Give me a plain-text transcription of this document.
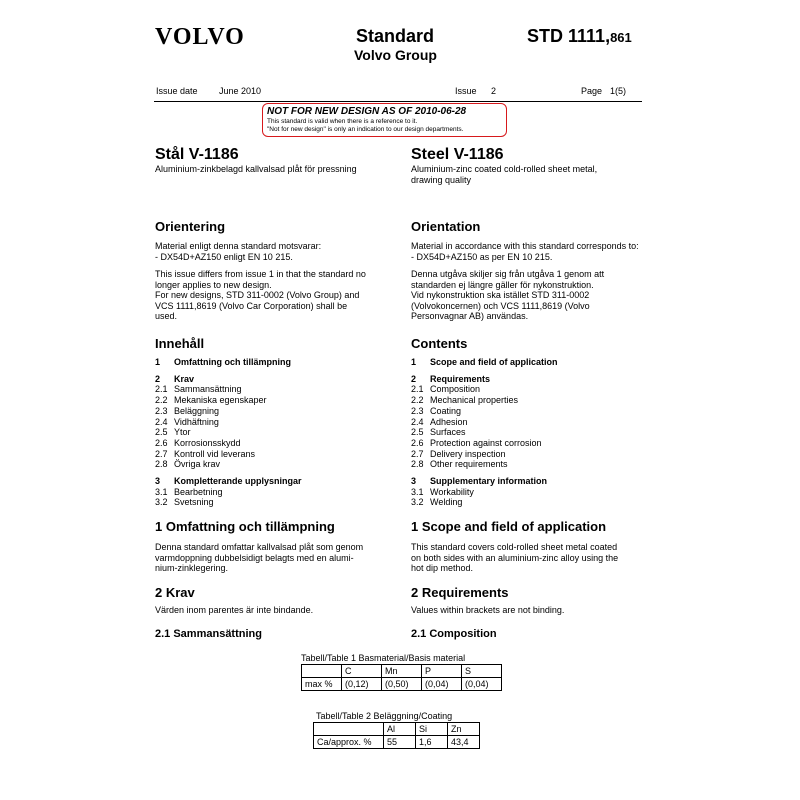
VOLVO	Standard
Volvo Group
STD 1111,861
Issue date June 2010	Issue 2	Page 1(5)
NOT FOR NEW DESIGN AS OF 2010-06-28
This standard is valid when there is a reference to it.
"Not for new design" is only an indication to our design departments.
Stål V-1186
Aluminium-zinkbelagd kallvalsad plåt för pressning
Orientering
Material enligt denna standard motsvarar:
- DX54D+AZ150 enligt EN 10 215.
This issue differs from issue 1 in that the standard no
longer applies to new design.
For new designs, STD 311-0002 (Volvo Group) and
VCS 1111,8619 (Volvo Car Corporation) shall be
used.
Innehåll
1 Omfattning och tillämpning
2 Krav
2.1 Sammansättning
2.2 Mekaniska egenskaper
2.3 Beläggning
2.4 Vidhäftning
2.5 Ytor
2.6 Korrosionsskydd
2.7 Kontroll vid leverans
2.8 Övriga krav
3 Kompletterande upplysningar
3.1 Bearbetning
3.2 Svetsning
1 Omfattning och tillämpning
Denna standard omfattar kallvalsad plåt som genom
varmdoppning dubbelsidigt belagts med en alumi-
nium-zinklegering.
2 Krav
Värden inom parentes är inte bindande.
2.1 Sammansättning
Steel V-1186
Aluminium-zinc coated cold-rolled sheet metal,
drawing quality
Orientation
Material in accordance with this standard corresponds to:
- DX54D+AZ150 as per EN 10 215.
Denna utgåva skiljer sig från utgåva 1 genom att
standarden ej längre gäller för nykonstruktion.
Vid nykonstruktion ska istället STD 311-0002
(Volvokoncernen) och VCS 1111,8619 (Volvo
Personvagnar AB) användas.
Contents
1 Scope and field of application
2 Requirements
2.1 Composition
2.2 Mechanical properties
2.3 Coating
2.4 Adhesion
2.5 Surfaces
2.6 Protection against corrosion
2.7 Delivery inspection
2.8 Other requirements
3 Supplementary information
3.1 Workability
3.2 Welding
1 Scope and field of application
This standard covers cold-rolled sheet metal coated
on both sides with an aluminium-zinc alloy using the
hot dip method.
2 Requirements
Values within brackets are not binding.
2.1 Composition
Tabell/Table 1 Basmaterial/Basis material
	C	Mn	P	S
max %	(0,12)	(0,50)	(0,04)	(0,04)
Tabell/Table 2 Beläggning/Coating
	Al	Si	Zn
Ca/approx. %	55	1,6	43,4
